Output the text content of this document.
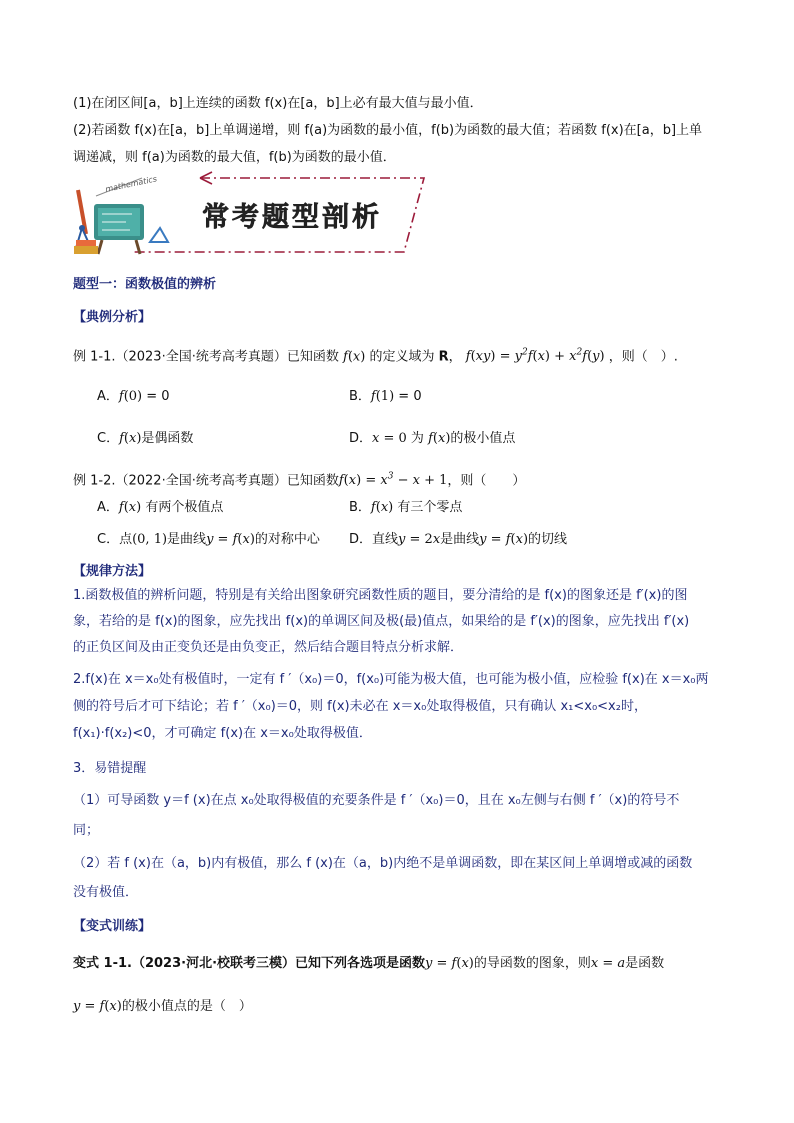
(1)在闭区间[a，b]上连续的函数 f(x)在[a，b]上必有最大值与最小值．
(2)若函数 f(x)在[a，b]上单调递增，则 f(a)为函数的最小值，f(b)为函数的最大值；若函数 f(x)在[a，b]上单
调递减，则 f(a)为函数的最大值，f(b)为函数的最小值．
mathematics
常考题型剖析
题型一：函数极值的辨析
【典例分析】
例 1-1.（2023·全国·统考高考真题）已知函数 f(x) 的定义域为 R， $f(xy) = y^2f(x) + x^2f(y)$ ，则（　）.
A．f(0) = 0	B．f(1) = 0
C．f(x)是偶函数	D．x = 0 为 f(x)的极小值点
例 1-2.（2022·全国·统考高考真题）已知函数$f(x) = x^3 - x + 1$，则（　　）
A．f(x) 有两个极值点	B．f(x) 有三个零点
C．点(0, 1)是曲线y = f(x)的对称中心 D．直线y = 2x是曲线y = f(x)的切线
【规律方法】
1.函数极值的辨析问题，特别是有关给出图象研究函数性质的题目，要分清给的是 f(x)的图象还是 f′(x)的图
象，若给的是 f(x)的图象，应先找出 f(x)的单调区间及极(最)值点，如果给的是 f′(x)的图象，应先找出 f′(x)
的正负区间及由正变负还是由负变正，然后结合题目特点分析求解．
2.f(x)在 x＝x₀处有极值时，一定有 f ′（x₀)＝0，f(x₀)可能为极大值，也可能为极小值，应检验 f(x)在 x＝x₀两
侧的符号后才可下结论；若 f ′（x₀)＝0，则 f(x)未必在 x＝x₀处取得极值，只有确认 x₁<x₀<x₂时，
f(x₁)·f(x₂)<0，才可确定 f(x)在 x＝x₀处取得极值．
3．易错提醒
（1）可导函数 y＝f (x)在点 x₀处取得极值的充要条件是 f ′（x₀)＝0，且在 x₀左侧与右侧 f ′（x)的符号不
同；
（2）若 f (x)在（a，b)内有极值，那么 f (x)在（a，b)内绝不是单调函数，即在某区间上单调增或减的函数
没有极值．
【变式训练】
变式 1-1.（2023·河北·校联考三模）已知下列各选项是函数y = f(x)的导函数的图象，则x = a是函数
y = f(x)的极小值点的是（　）
